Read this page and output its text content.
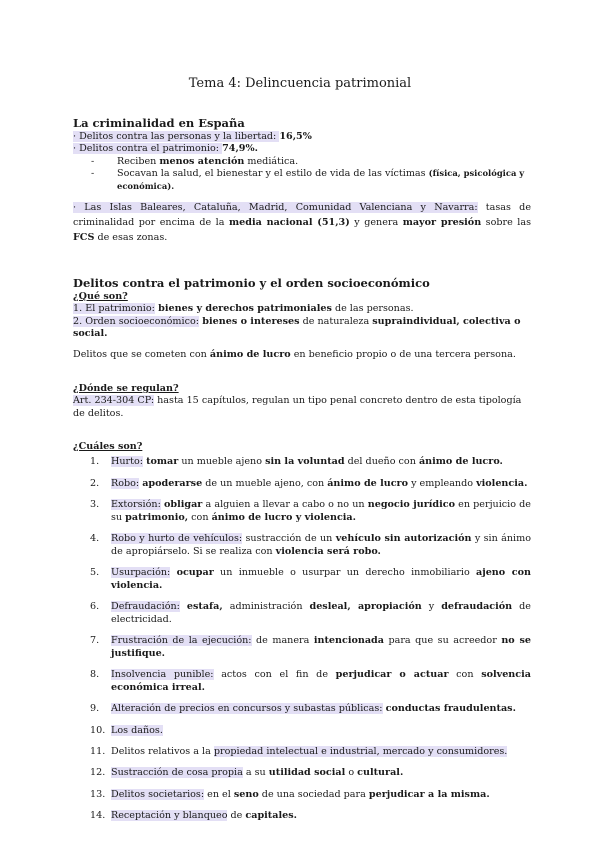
Tema 4: Delincuencia patrimonial
La criminalidad en España
· Delitos contra las personas y la libertad: 16,5%
· Delitos contra el patrimonio: 74,9%.
- Reciben menos atención mediática.
- Socavan la salud, el bienestar y el estilo de vida de las víctimas (física, psicológica y económica).
· Las Islas Baleares, Cataluña, Madrid, Comunidad Valenciana y Navarra: tasas de criminalidad por encima de la media nacional (51,3) y genera mayor presión sobre las FCS de esas zonas.
Delitos contra el patrimonio y el orden socioeconómico
¿Qué son?
1. El patrimonio: bienes y derechos patrimoniales de las personas.
2. Orden socioeconómico: bienes o intereses de naturaleza supraindividual, colectiva o social.
Delitos que se cometen con ánimo de lucro en beneficio propio o de una tercera persona.
¿Dónde se regulan?
Art. 234-304 CP: hasta 15 capítulos, regulan un tipo penal concreto dentro de esta tipología de delitos.
¿Cuáles son?
1. Hurto: tomar un mueble ajeno sin la voluntad del dueño con ánimo de lucro.
2. Robo: apoderarse de un mueble ajeno, con ánimo de lucro y empleando violencia.
3. Extorsión: obligar a alguien a llevar a cabo o no un negocio jurídico en perjuicio de su patrimonio, con ánimo de lucro y violencia.
4. Robo y hurto de vehículos: sustracción de un vehículo sin autorización y sin ánimo de apropiárselo. Si se realiza con violencia será robo.
5. Usurpación: ocupar un inmueble o usurpar un derecho inmobiliario ajeno con violencia.
6. Defraudación: estafa, administración desleal, apropiación y defraudación de electricidad.
7. Frustración de la ejecución: de manera intencionada para que su acreedor no se justifique.
8. Insolvencia punible: actos con el fin de perjudicar o actuar con solvencia económica irreal.
9. Alteración de precios en concursos y subastas públicas: conductas fraudulentas.
10. Los daños.
11. Delitos relativos a la propiedad intelectual e industrial, mercado y consumidores.
12. Sustracción de cosa propia a su utilidad social o cultural.
13. Delitos societarios: en el seno de una sociedad para perjudicar a la misma.
14. Receptación y blanqueo de capitales.
